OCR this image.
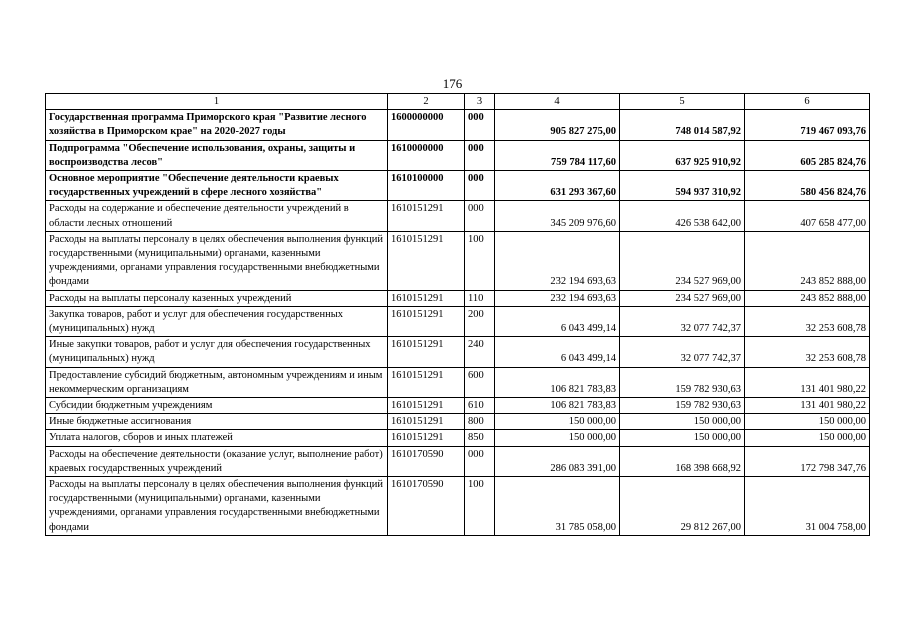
176
1	2	3	4	5	6
Государственная программа Приморского края "Развитие лесного хозяйства в Приморском крае" на 2020-2027 годы	1600000000	000	905 827 275,00	748 014 587,92	719 467 093,76
Подпрограмма "Обеспечение использования, охраны, защиты и воспроизводства лесов"	1610000000	000	759 784 117,60	637 925 910,92	605 285 824,76
Основное мероприятие "Обеспечение деятельности краевых государственных учреждений в сфере лесного хозяйства"	1610100000	000	631 293 367,60	594 937 310,92	580 456 824,76
Расходы на содержание и обеспечение деятельности учреждений в области лесных отношений	1610151291	000	345 209 976,60	426 538 642,00	407 658 477,00
Расходы на выплаты персоналу в целях обеспечения выполнения функций государственными (муниципальными) органами, казенными учреждениями, органами управления государственными внебюджетными фондами	1610151291	100	232 194 693,63	234 527 969,00	243 852 888,00
Расходы на выплаты персоналу казенных учреждений	1610151291	110	232 194 693,63	234 527 969,00	243 852 888,00
Закупка товаров, работ и услуг для обеспечения государственных (муниципальных) нужд	1610151291	200	6 043 499,14	32 077 742,37	32 253 608,78
Иные закупки товаров, работ и услуг для обеспечения государственных (муниципальных) нужд	1610151291	240	6 043 499,14	32 077 742,37	32 253 608,78
Предоставление субсидий бюджетным, автономным учреждениям и иным некоммерческим организациям	1610151291	600	106 821 783,83	159 782 930,63	131 401 980,22
Субсидии бюджетным учреждениям	1610151291	610	106 821 783,83	159 782 930,63	131 401 980,22
Иные бюджетные ассигнования	1610151291	800	150 000,00	150 000,00	150 000,00
Уплата налогов, сборов и иных платежей	1610151291	850	150 000,00	150 000,00	150 000,00
Расходы на обеспечение деятельности (оказание услуг, выполнение работ) краевых государственных учреждений	1610170590	000	286 083 391,00	168 398 668,92	172 798 347,76
Расходы на выплаты персоналу в целях обеспечения выполнения функций государственными (муниципальными) органами, казенными учреждениями, органами управления государственными внебюджетными фондами	1610170590	100	31 785 058,00	29 812 267,00	31 004 758,00
